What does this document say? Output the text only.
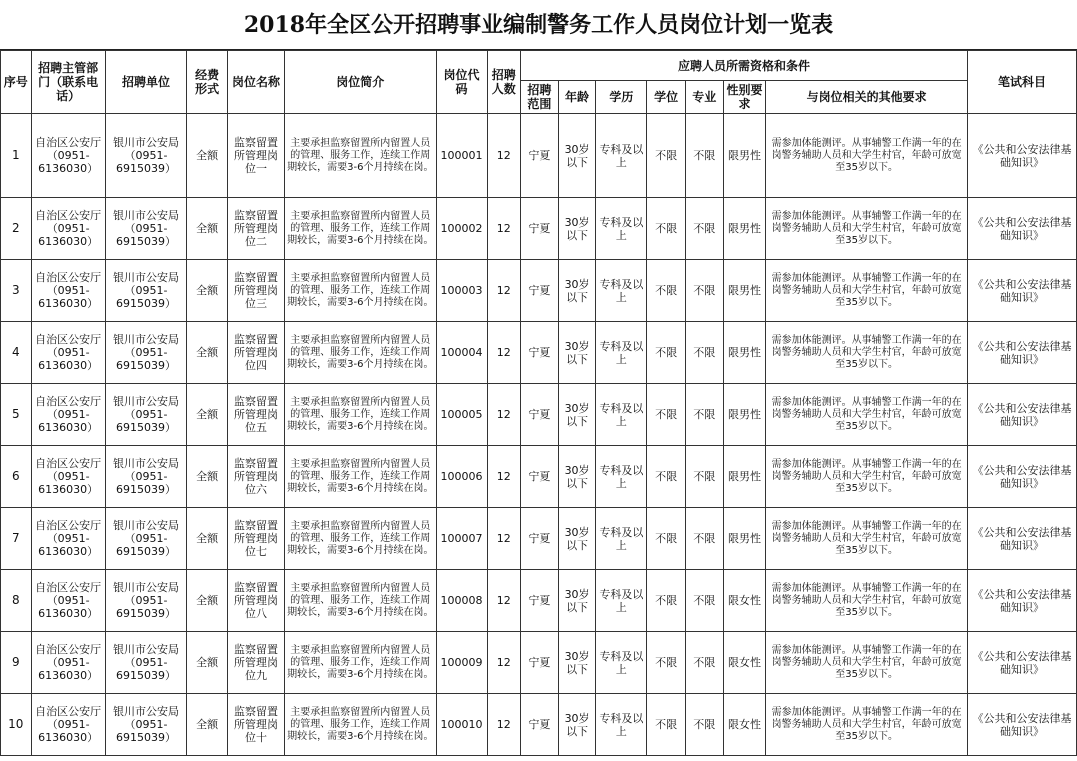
2018年全区公开招聘事业编制警务工作人员岗位计划一览表
序号	招聘主管部门（联系电话）	招聘单位	经费形式	岗位名称	岗位简介	岗位代码	招聘人数	应聘人员所需资格和条件							笔试科目
								招聘范围	年龄	学历	学位	专业	性别要求	与岗位相关的其他要求	
1	自治区公安厅（0951-6136030）	银川市公安局（0951-6915039）	全额	监察留置所管理岗位一	主要承担监察留置所内留置人员的管理、服务工作，连续工作周期较长，需要3-6个月持续在岗。	100001	12	宁夏	30岁以下	专科及以上	不限	不限	限男性	需参加体能测评。从事辅警工作满一年的在岗警务辅助人员和大学生村官，年龄可放宽至35岁以下。	《公共和公安法律基础知识》
2	自治区公安厅（0951-6136030）	银川市公安局（0951-6915039）	全额	监察留置所管理岗位二	主要承担监察留置所内留置人员的管理、服务工作，连续工作周期较长，需要3-6个月持续在岗。	100002	12	宁夏	30岁以下	专科及以上	不限	不限	限男性	需参加体能测评。从事辅警工作满一年的在岗警务辅助人员和大学生村官，年龄可放宽至35岁以下。	《公共和公安法律基础知识》
3	自治区公安厅（0951-6136030）	银川市公安局（0951-6915039）	全额	监察留置所管理岗位三	主要承担监察留置所内留置人员的管理、服务工作，连续工作周期较长，需要3-6个月持续在岗。	100003	12	宁夏	30岁以下	专科及以上	不限	不限	限男性	需参加体能测评。从事辅警工作满一年的在岗警务辅助人员和大学生村官，年龄可放宽至35岁以下。	《公共和公安法律基础知识》
4	自治区公安厅（0951-6136030）	银川市公安局（0951-6915039）	全额	监察留置所管理岗位四	主要承担监察留置所内留置人员的管理、服务工作，连续工作周期较长，需要3-6个月持续在岗。	100004	12	宁夏	30岁以下	专科及以上	不限	不限	限男性	需参加体能测评。从事辅警工作满一年的在岗警务辅助人员和大学生村官，年龄可放宽至35岁以下。	《公共和公安法律基础知识》
5	自治区公安厅（0951-6136030）	银川市公安局（0951-6915039）	全额	监察留置所管理岗位五	主要承担监察留置所内留置人员的管理、服务工作，连续工作周期较长，需要3-6个月持续在岗。	100005	12	宁夏	30岁以下	专科及以上	不限	不限	限男性	需参加体能测评。从事辅警工作满一年的在岗警务辅助人员和大学生村官，年龄可放宽至35岁以下。	《公共和公安法律基础知识》
6	自治区公安厅（0951-6136030）	银川市公安局（0951-6915039）	全额	监察留置所管理岗位六	主要承担监察留置所内留置人员的管理、服务工作，连续工作周期较长，需要3-6个月持续在岗。	100006	12	宁夏	30岁以下	专科及以上	不限	不限	限男性	需参加体能测评。从事辅警工作满一年的在岗警务辅助人员和大学生村官，年龄可放宽至35岁以下。	《公共和公安法律基础知识》
7	自治区公安厅（0951-6136030）	银川市公安局（0951-6915039）	全额	监察留置所管理岗位七	主要承担监察留置所内留置人员的管理、服务工作，连续工作周期较长，需要3-6个月持续在岗。	100007	12	宁夏	30岁以下	专科及以上	不限	不限	限男性	需参加体能测评。从事辅警工作满一年的在岗警务辅助人员和大学生村官，年龄可放宽至35岁以下。	《公共和公安法律基础知识》
8	自治区公安厅（0951-6136030）	银川市公安局（0951-6915039）	全额	监察留置所管理岗位八	主要承担监察留置所内留置人员的管理、服务工作，连续工作周期较长，需要3-6个月持续在岗。	100008	12	宁夏	30岁以下	专科及以上	不限	不限	限女性	需参加体能测评。从事辅警工作满一年的在岗警务辅助人员和大学生村官，年龄可放宽至35岁以下。	《公共和公安法律基础知识》
9	自治区公安厅（0951-6136030）	银川市公安局（0951-6915039）	全额	监察留置所管理岗位九	主要承担监察留置所内留置人员的管理、服务工作，连续工作周期较长，需要3-6个月持续在岗。	100009	12	宁夏	30岁以下	专科及以上	不限	不限	限女性	需参加体能测评。从事辅警工作满一年的在岗警务辅助人员和大学生村官，年龄可放宽至35岁以下。	《公共和公安法律基础知识》
10	自治区公安厅（0951-6136030）	银川市公安局（0951-6915039）	全额	监察留置所管理岗位十	主要承担监察留置所内留置人员的管理、服务工作，连续工作周期较长，需要3-6个月持续在岗。	100010	12	宁夏	30岁以下	专科及以上	不限	不限	限女性	需参加体能测评。从事辅警工作满一年的在岗警务辅助人员和大学生村官，年龄可放宽至35岁以下。	《公共和公安法律基础知识》
